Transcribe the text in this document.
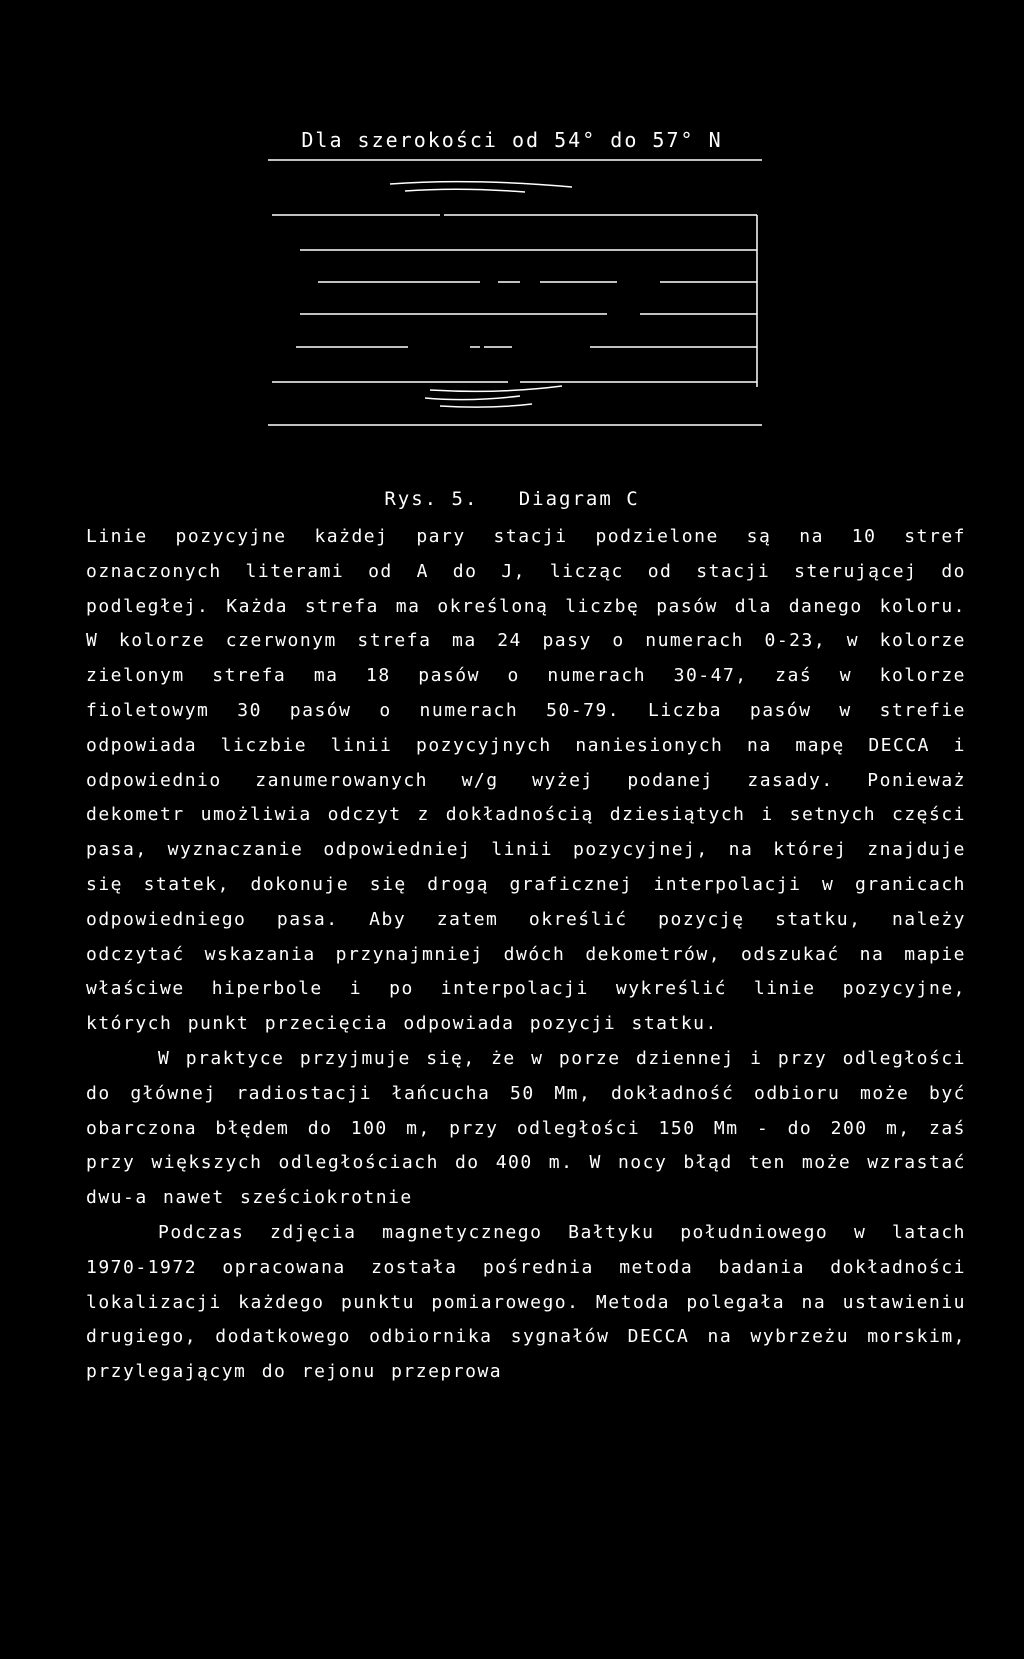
Dla szerokości od 54° do 57° N
Rys. 5. Diagram C

Linie pozycyjne każdej pary stacji podzielone są na 10 stref oznaczonych literami od A do J, licząc od stacji sterującej do podległej. Każda strefa ma określoną liczbę pasów dla danego koloru. W kolorze czerwonym strefa ma 24 pasy o numerach 0-23, w kolorze zielonym strefa ma 18 pasów o numerach 30-47, zaś w kolorze fioletowym 30 pasów o numerach 50-79. Liczba pasów w strefie odpowiada liczbie linii pozycyjnych naniesionych na mapę DECCA i odpowiednio zanumerowanych w/g wyżej podanej zasady. Ponieważ dekometr umożliwia odczyt z dokładnością dziesiątych i setnych części pasa, wyznaczanie odpowiedniej linii pozycyjnej, na której znajduje się statek, dokonuje się drogą graficznej interpolacji w granicach odpowiedniego pasa. Aby zatem określić pozycję statku, należy odczytać wskazania przynajmniej dwóch dekometrów, odszukać na mapie właściwe hiperbole i po interpolacji wykreślić linie pozycyjne, których punkt przecięcia odpowiada pozycji statku.

W praktyce przyjmuje się, że w porze dziennej i przy odległości do głównej radiostacji łańcucha 50 Mm, dokładność odbioru może być obarczona błędem do 100 m, przy odległości 150 Mm - do 200 m, zaś przy większych odległościach do 400 m. W nocy błąd ten może wzrastać dwu-a nawet sześciokrotnie

Podczas zdjęcia magnetycznego Bałtyku południowego w latach 1970-1972 opracowana została pośrednia metoda badania dokładności lokalizacji każdego punktu pomiarowego. Metoda polegała na ustawieniu drugiego, dodatkowego odbiornika sygnałów DECCA na wybrzeżu morskim, przylegającym do rejonu przeprowa
